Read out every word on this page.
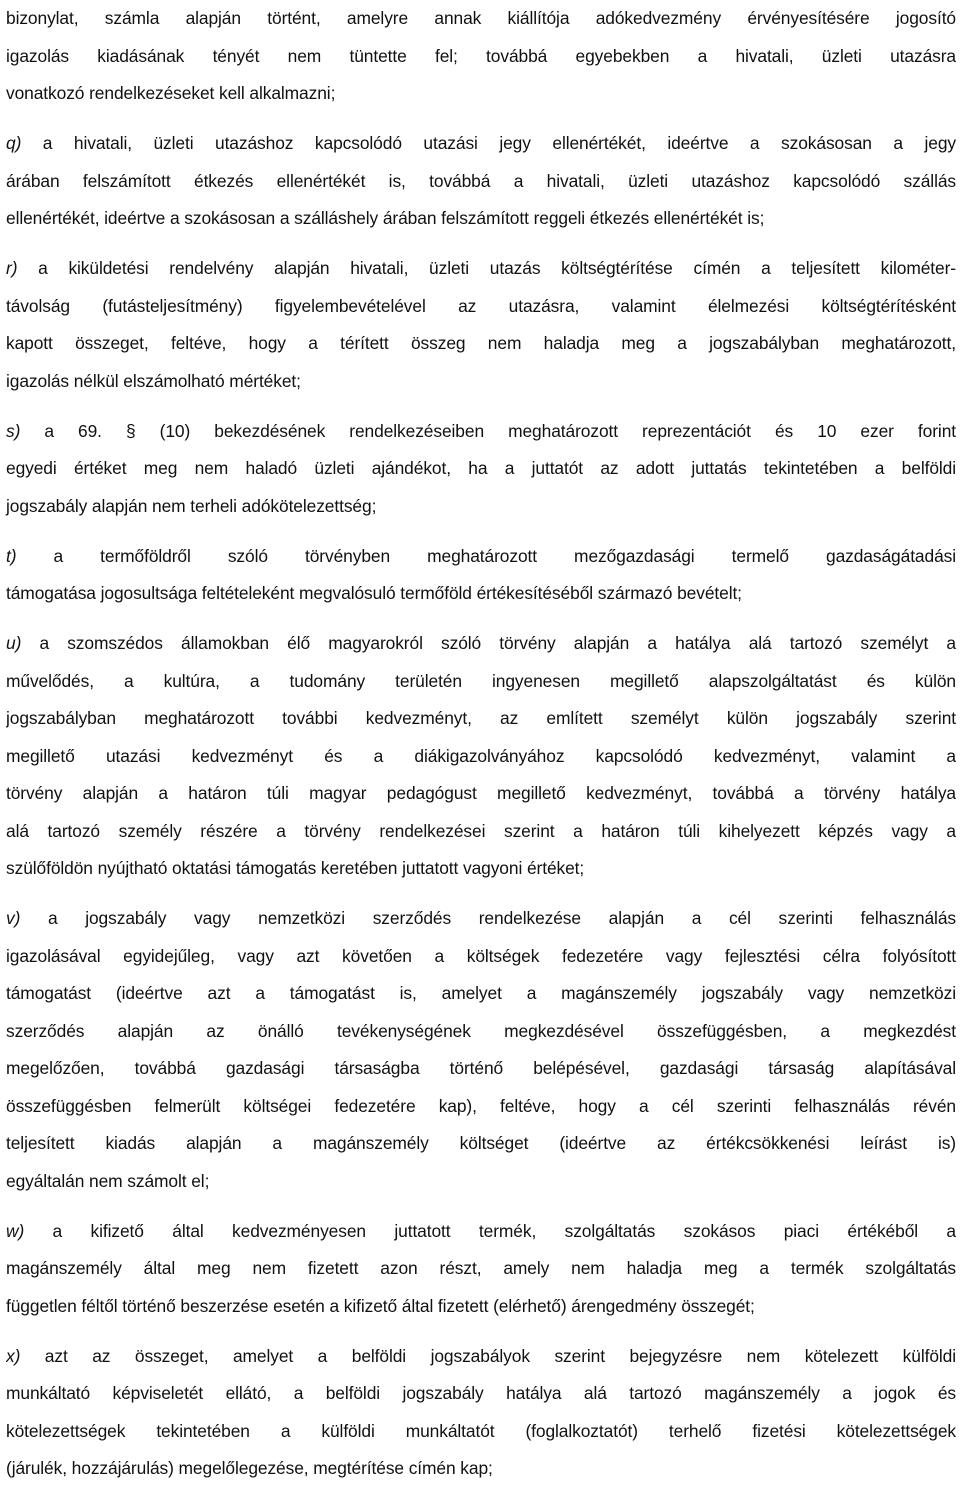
bizonylat, számla alapján történt, amelyre annak kiállítója adókedvezmény érvényesítésére jogosító
igazolás kiadásának tényét nem tüntette fel; továbbá egyebekben a hivatali, üzleti utazásra
vonatkozó rendelkezéseket kell alkalmazni;
q) a hivatali, üzleti utazáshoz kapcsolódó utazási jegy ellenértékét, ideértve a szokásosan a jegy
árában felszámított étkezés ellenértékét is, továbbá a hivatali, üzleti utazáshoz kapcsolódó szállás
ellenértékét, ideértve a szokásosan a szálláshely árában felszámított reggeli étkezés ellenértékét is;
r) a kiküldetési rendelvény alapján hivatali, üzleti utazás költségtérítése címén a teljesített kilométer-
távolság (futásteljesítmény) figyelembevételével az utazásra, valamint élelmezési költségtérítésként
kapott összeget, feltéve, hogy a térített összeg nem haladja meg a jogszabályban meghatározott,
igazolás nélkül elszámolható mértéket;
s) a 69. § (10) bekezdésének rendelkezéseiben meghatározott reprezentációt és 10 ezer forint
egyedi értéket meg nem haladó üzleti ajándékot, ha a juttatót az adott juttatás tekintetében a belföldi
jogszabály alapján nem terheli adókötelezettség;
t) a termőföldről szóló törvényben meghatározott mezőgazdasági termelő gazdaságátadási
támogatása jogosultsága feltételeként megvalósuló termőföld értékesítéséből származó bevételt;
u) a szomszédos államokban élő magyarokról szóló törvény alapján a hatálya alá tartozó személyt a
művelődés, a kultúra, a tudomány területén ingyenesen megillető alapszolgáltatást és külön
jogszabályban meghatározott további kedvezményt, az említett személyt külön jogszabály szerint
megillető utazási kedvezményt és a diákigazolványához kapcsolódó kedvezményt, valamint a
törvény alapján a határon túli magyar pedagógust megillető kedvezményt, továbbá a törvény hatálya
alá tartozó személy részére a törvény rendelkezései szerint a határon túli kihelyezett képzés vagy a
szülőföldön nyújtható oktatási támogatás keretében juttatott vagyoni értéket;
v) a jogszabály vagy nemzetközi szerződés rendelkezése alapján a cél szerinti felhasználás
igazolásával egyidejűleg, vagy azt követően a költségek fedezetére vagy fejlesztési célra folyósított
támogatást (ideértve azt a támogatást is, amelyet a magánszemély jogszabály vagy nemzetközi
szerződés alapján az önálló tevékenységének megkezdésével összefüggésben, a megkezdést
megelőzően, továbbá gazdasági társaságba történő belépésével, gazdasági társaság alapításával
összefüggésben felmerült költségei fedezetére kap), feltéve, hogy a cél szerinti felhasználás révén
teljesített kiadás alapján a magánszemély költséget (ideértve az értékcsökkenési leírást is)
egyáltalán nem számolt el;
w) a kifizető által kedvezményesen juttatott termék, szolgáltatás szokásos piaci értékéből a
magánszemély által meg nem fizetett azon részt, amely nem haladja meg a termék szolgáltatás
független féltől történő beszerzése esetén a kifizető által fizetett (elérhető) árengedmény összegét;
x) azt az összeget, amelyet a belföldi jogszabályok szerint bejegyzésre nem kötelezett külföldi
munkáltató képviseletét ellátó, a belföldi jogszabály hatálya alá tartozó magánszemély a jogok és
kötelezettségek tekintetében a külföldi munkáltatót (foglalkoztatót) terhelő fizetési kötelezettségek
(járulék, hozzájárulás) megelőlegezése, megtérítése címén kap;
